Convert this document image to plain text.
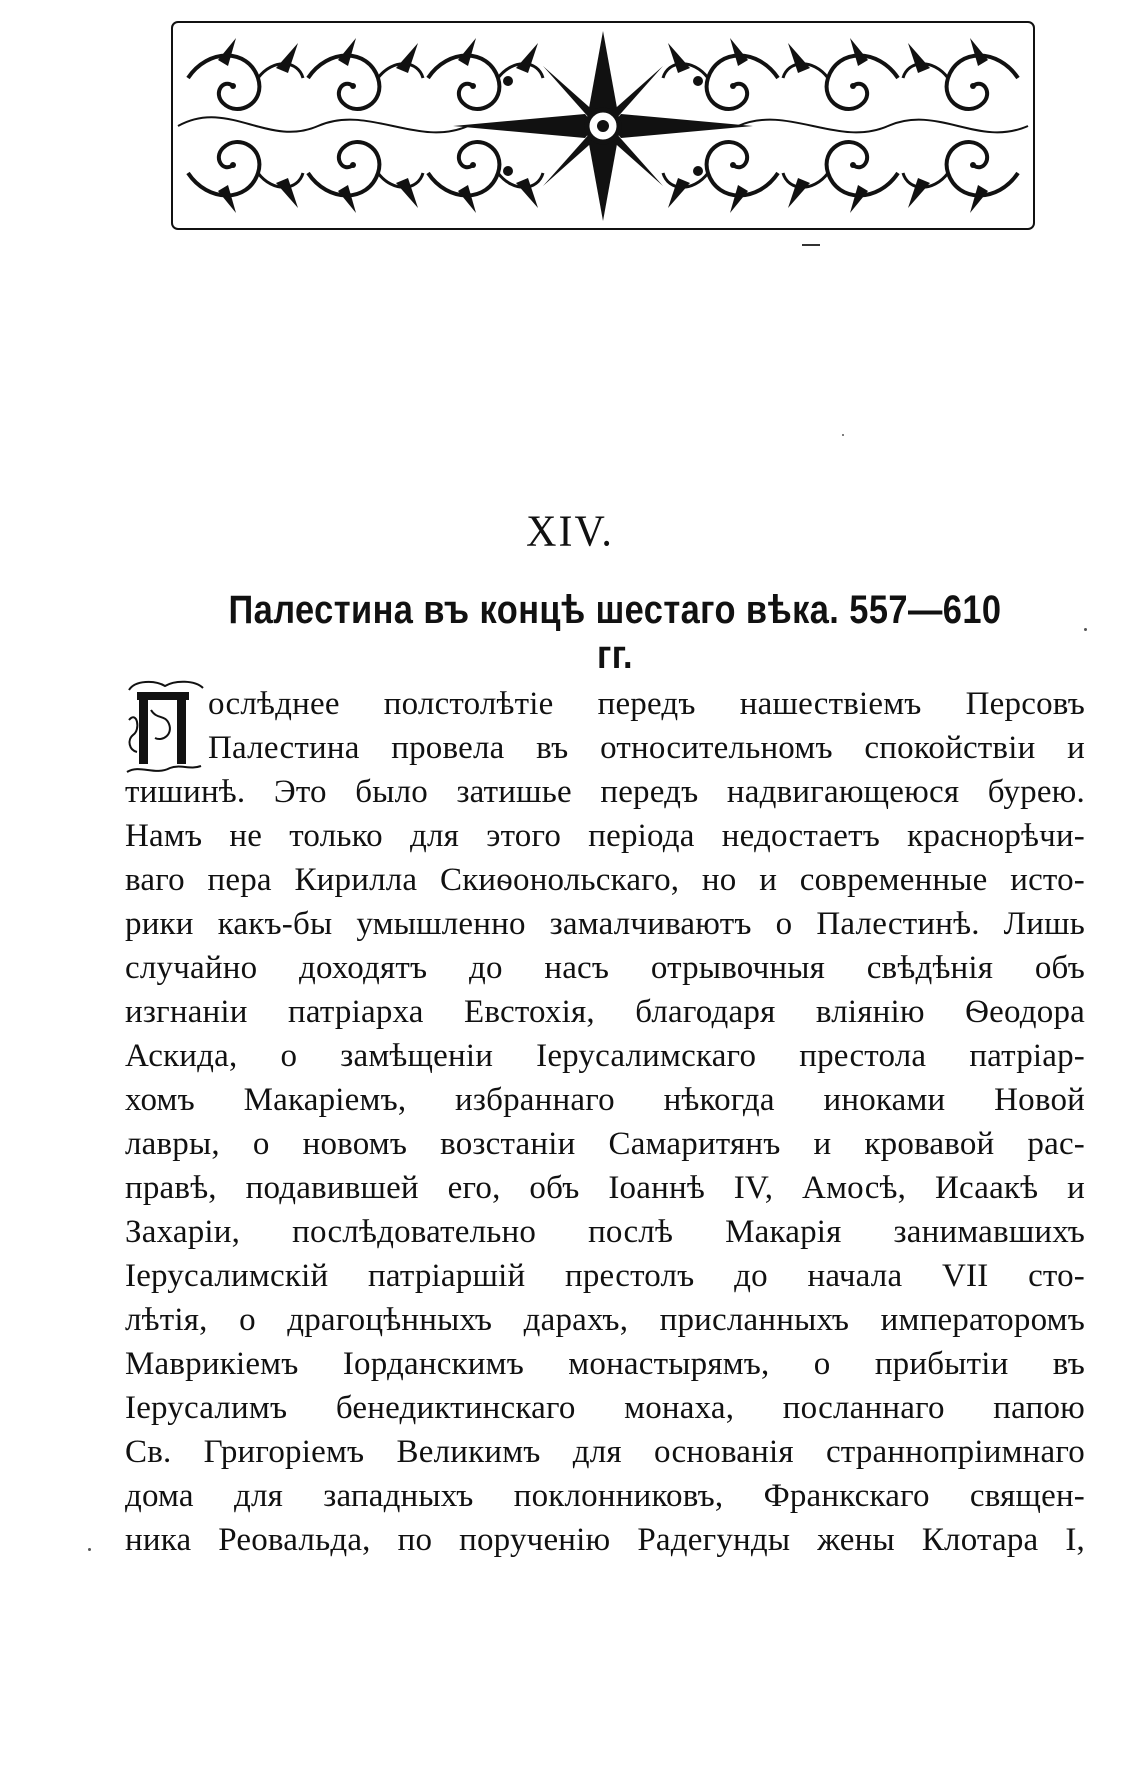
XIV.
Палестина въ концѣ шестаго вѣка. 557—610 гг.
ослѣднее полстолѣтіе передъ нашествіемъ Персовъ
Палестина провела въ относительномъ спокойствіи и
тишинѣ. Это было затишье передъ надвигающеюся бурею.
Намъ не только для этого періода недостаетъ краснорѣчи-
ваго пера Кирилла Скиѳонольскаго, но и современные исто-
рики какъ-бы умышленно замалчиваютъ о Палестинѣ. Лишь
случайно доходятъ до насъ отрывочныя свѣдѣнія объ
изгнаніи патріарха Евстохія, благодаря вліянію Ѳеодора
Аскида, о замѣщеніи Іерусалимскаго престола патріар-
хомъ Макаріемъ, избраннаго нѣкогда иноками Новой
лавры, о новомъ возстаніи Самаритянъ и кровавой рас-
правѣ, подавившей его, объ Іоаннѣ IV, Амосѣ, Исаакѣ и
Захаріи, послѣдовательно послѣ Макарія занимавшихъ
Іерусалимскій патріаршій престолъ до начала VII сто-
лѣтія, о драгоцѣнныхъ дарахъ, присланныхъ императоромъ
Маврикіемъ Іорданскимъ монастырямъ, о прибытіи въ
Іерусалимъ бенедиктинскаго монаха, посланнаго папою
Св. Григоріемъ Великимъ для основанія страннопріимнаго
дома для западныхъ поклонниковъ, Франкскаго священ-
ника Реовальда, по порученію Радегунды жены Клотара I,
